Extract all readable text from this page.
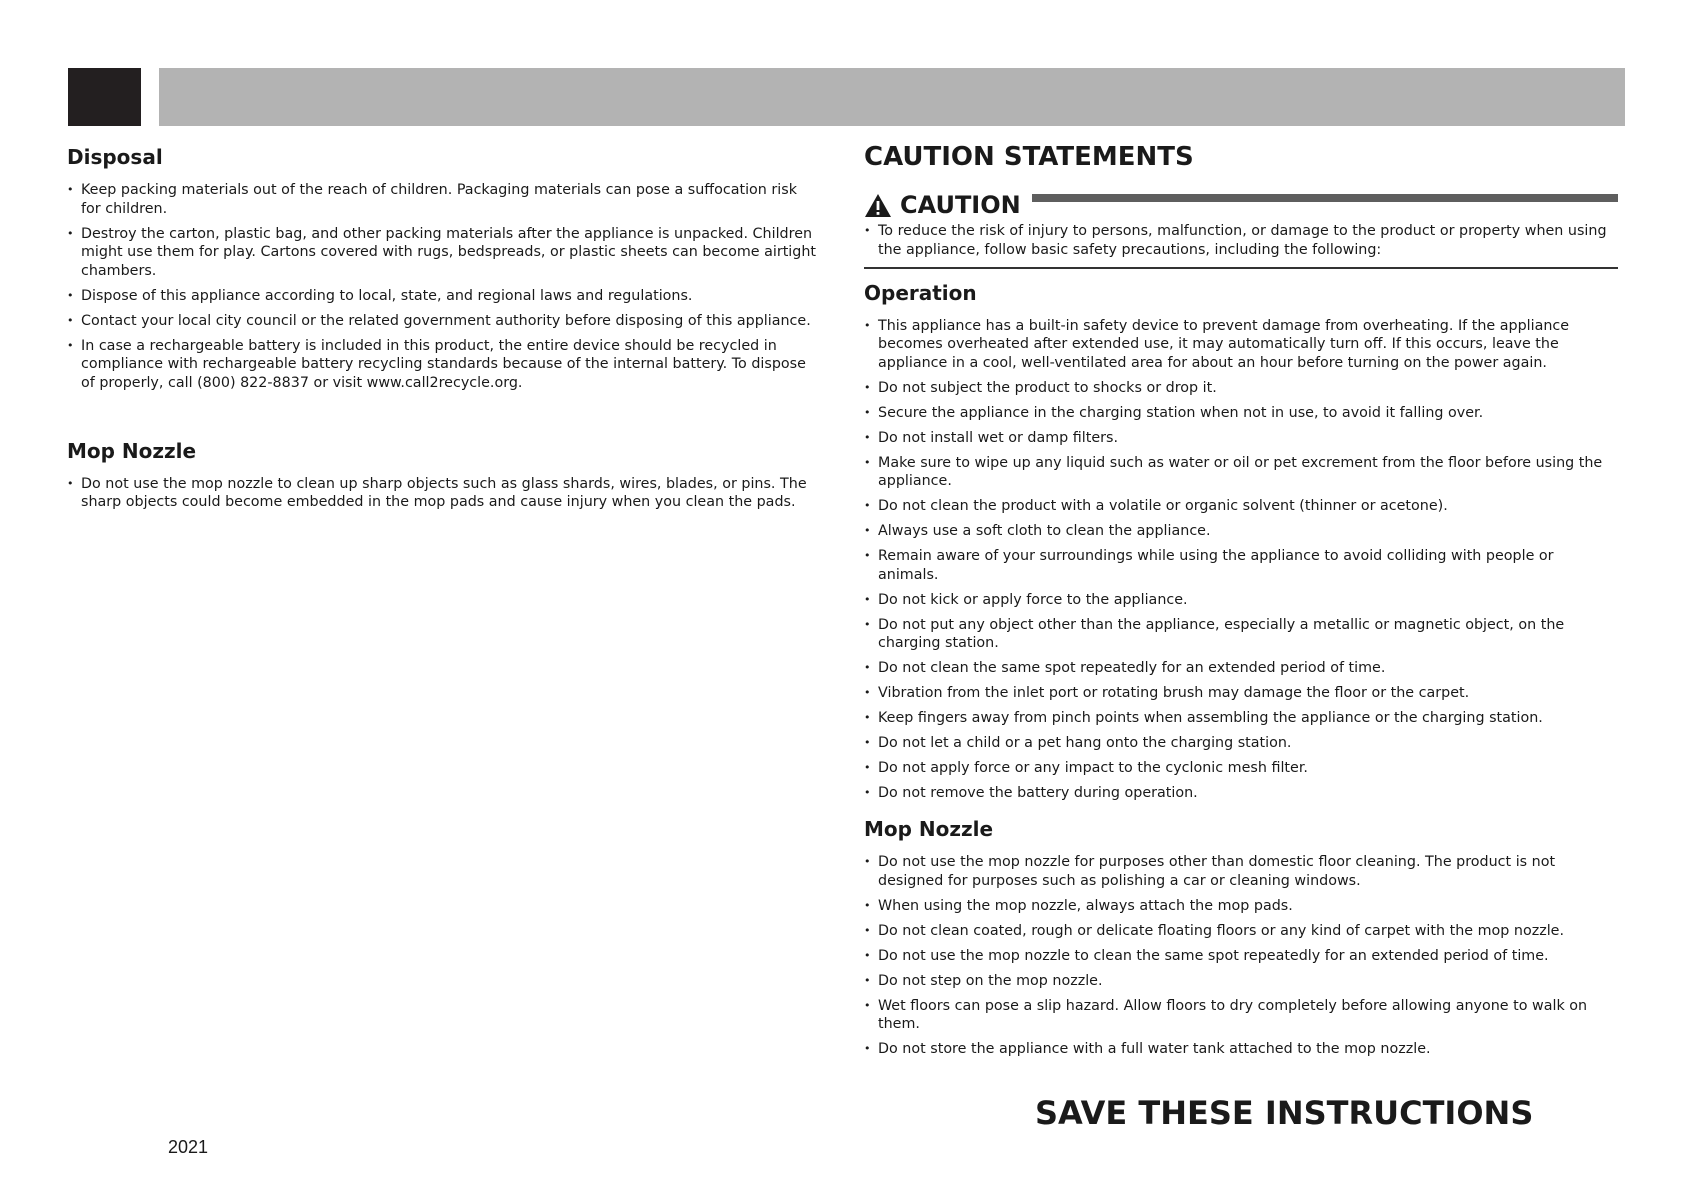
Disposal
• Keep packing materials out of the reach of children. Packaging materials can pose a suffocation risk for children.
• Destroy the carton, plastic bag, and other packing materials after the appliance is unpacked. Children might use them for play. Cartons covered with rugs, bedspreads, or plastic sheets can become airtight chambers.
• Dispose of this appliance according to local, state, and regional laws and regulations.
• Contact your local city council or the related government authority before disposing of this appliance.
• In case a rechargeable battery is included in this product, the entire device should be recycled in compliance with rechargeable battery recycling standards because of the internal battery. To dispose of properly, call (800) 822-8837 or visit www.call2recycle.org.
Mop Nozzle
• Do not use the mop nozzle to clean up sharp objects such as glass shards, wires, blades, or pins. The sharp objects could become embedded in the mop pads and cause injury when you clean the pads.
CAUTION STATEMENTS
CAUTION
• To reduce the risk of injury to persons, malfunction, or damage to the product or property when using the appliance, follow basic safety precautions, including the following:
Operation
• This appliance has a built-in safety device to prevent damage from overheating. If the appliance becomes overheated after extended use, it may automatically turn off. If this occurs, leave the appliance in a cool, well-ventilated area for about an hour before turning on the power again.
• Do not subject the product to shocks or drop it.
• Secure the appliance in the charging station when not in use, to avoid it falling over.
• Do not install wet or damp filters.
• Make sure to wipe up any liquid such as water or oil or pet excrement from the floor before using the appliance.
• Do not clean the product with a volatile or organic solvent (thinner or acetone).
• Always use a soft cloth to clean the appliance.
• Remain aware of your surroundings while using the appliance to avoid colliding with people or animals.
• Do not kick or apply force to the appliance.
• Do not put any object other than the appliance, especially a metallic or magnetic object, on the charging station.
• Do not clean the same spot repeatedly for an extended period of time.
• Vibration from the inlet port or rotating brush may damage the floor or the carpet.
• Keep fingers away from pinch points when assembling the appliance or the charging station.
• Do not let a child or a pet hang onto the charging station.
• Do not apply force or any impact to the cyclonic mesh filter.
• Do not remove the battery during operation.
Mop Nozzle
• Do not use the mop nozzle for purposes other than domestic floor cleaning. The product is not designed for purposes such as polishing a car or cleaning windows.
• When using the mop nozzle, always attach the mop pads.
• Do not clean coated, rough or delicate floating floors or any kind of carpet with the mop nozzle.
• Do not use the mop nozzle to clean the same spot repeatedly for an extended period of time.
• Do not step on the mop nozzle.
• Wet floors can pose a slip hazard. Allow floors to dry completely before allowing anyone to walk on them.
• Do not store the appliance with a full water tank attached to the mop nozzle.
SAVE THESE INSTRUCTIONS
2021
